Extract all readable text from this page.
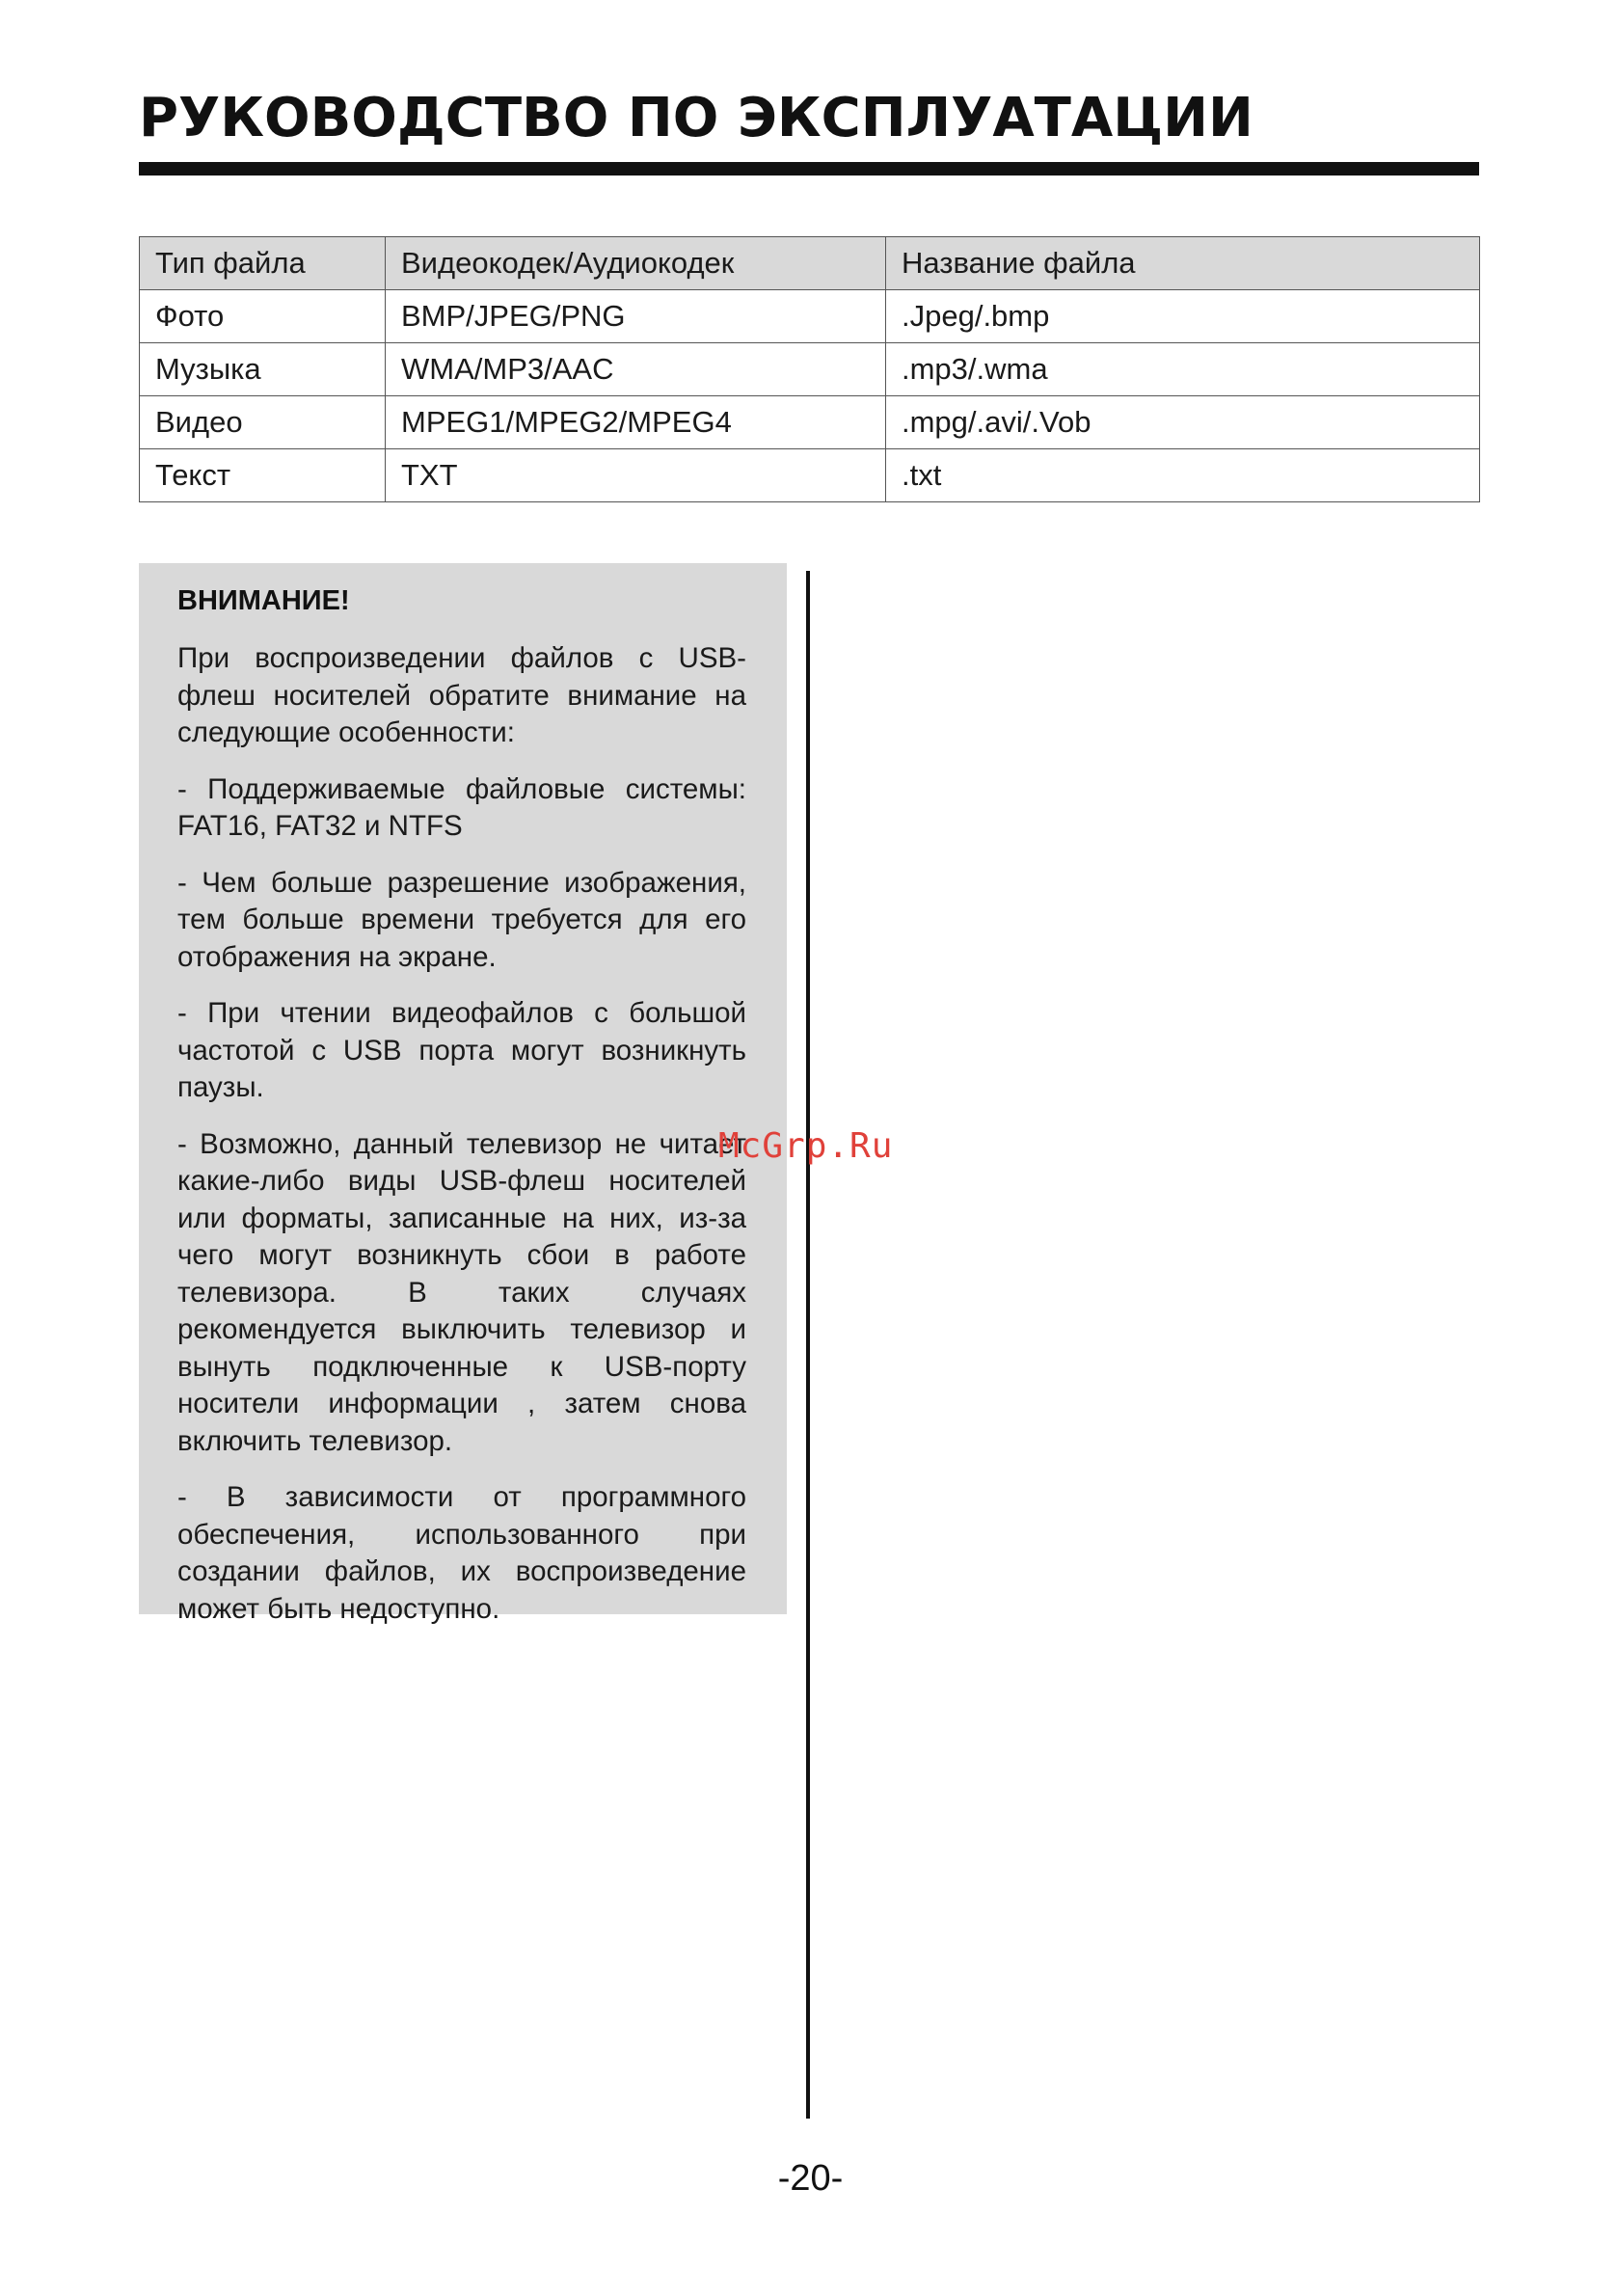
РУКОВОДСТВО ПО ЭКСПЛУАТАЦИИ
Тип файла	Видеокодек/Аудиокодек	Название файла
Фото	BMP/JPEG/PNG	.Jpeg/.bmp
Музыка	WMA/MP3/AAC	.mp3/.wma
Видео	MPEG1/MPEG2/MPEG4	.mpg/.avi/.Vob
Текст	TXT	.txt

ВНИМАНИЕ!

При воспроизведении файлов с USB-флеш носителей обратите внимание на следующие особенности:

- Поддерживаемые файловые системы: FAT16, FAT32 и NTFS

- Чем больше разрешение изображения, тем больше времени требуется для его отображения на экране.

- При чтении видеофайлов с большой частотой с USB порта могут возникнуть паузы.

- Возможно, данный телевизор не читает какие-либо виды USB-флеш носителей или форматы, записанные на них, из-за чего могут возникнуть сбои в работе телевизора. В таких случаях рекомендуется выключить телевизор и вынуть подключенные к USB-порту носители информации , затем снова включить телевизор.

- В зависимости от программного обеспечения, использованного при создании файлов, их воспроизведение может быть недоступно.

McGrp.Ru
-20-
